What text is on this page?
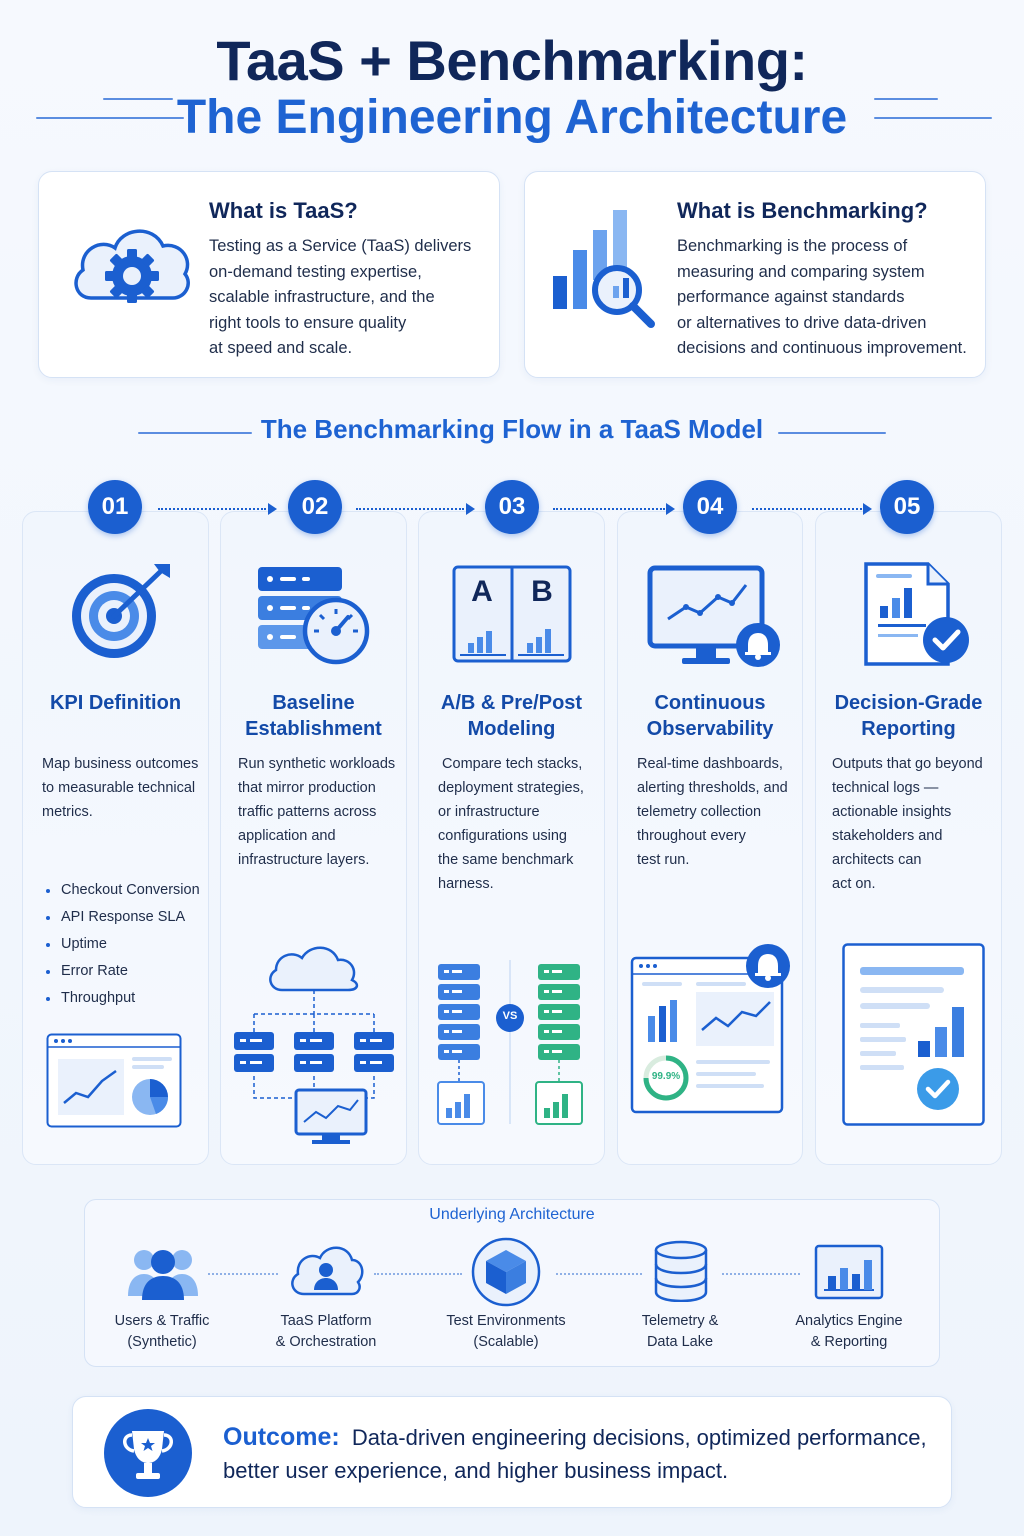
TaaS + Benchmarking:
The Engineering Architecture
What is TaaS?

Testing as a Service (TaaS) delivers
on-demand testing expertise,
scalable infrastructure, and the
right tools to ensure quality
at speed and scale.

What is Benchmarking?

Benchmarking is the process of
measuring and comparing system
performance against standards
or alternatives to drive data-driven
decisions and continuous improvement.

The Benchmarking Flow in a TaaS Model
01	02	03	04	05
A	B
KPI Definition	Baseline
Establishment
A/B & Pre/Post
Modeling
Continuous
Observability
Decision-Grade
Reporting
Map business outcomes
to measurable technical
metrics.
Run synthetic workloads
that mirror production
traffic patterns across
application and
infrastructure layers.
Compare tech stacks,
deployment strategies,
or infrastructure
configurations using
the same benchmark
harness.
Real-time dashboards,
alerting thresholds, and
telemetry collection
throughout every
test run.
Outputs that go beyond
technical logs —
actionable insights
stakeholders and
architects can
act on.
Checkout Conversion
API Response SLA
Uptime
Error Rate
Throughput
VS
99.9%
Underlying Architecture
Users & Traffic
(Synthetic)
TaaS Platform
& Orchestration
Test Environments
(Scalable)
Telemetry &
Data Lake
Analytics Engine
& Reporting
Outcome: Data-driven engineering decisions, optimized performance,
better user experience, and higher business impact.
